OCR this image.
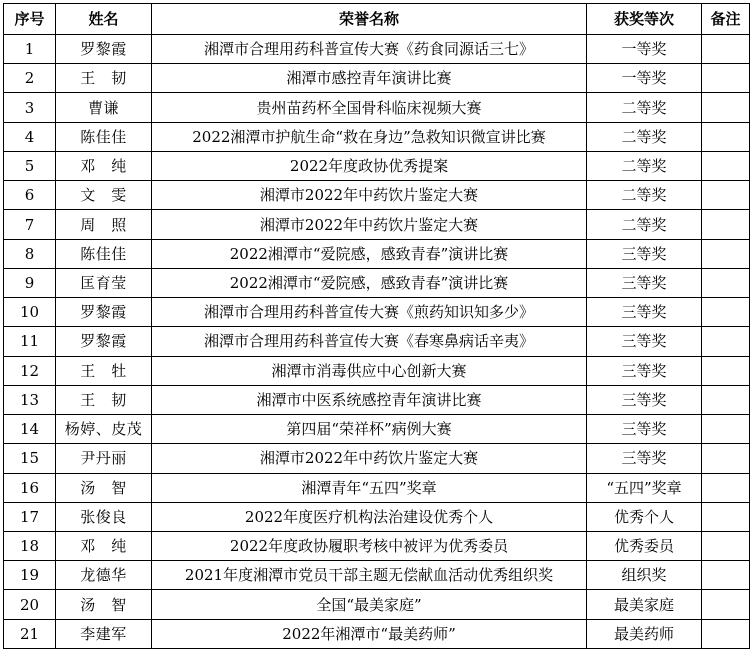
序号	姓名	荣誉名称	获奖等次	备注
1	罗黎霞	湘潭市合理用药科普宣传大赛《药食同源话三七》	一等奖	
2	王　韧	湘潭市感控青年演讲比赛	一等奖	
3	曹谦	贵州苗药杯全国骨科临床视频大赛	二等奖	
4	陈佳佳	2022湘潭市护航生命“救在身边”急救知识微宣讲比赛	二等奖	
5	邓　纯	2022年度政协优秀提案	二等奖	
6	文　雯	湘潭市2022年中药饮片鉴定大赛	二等奖	
7	周　照	湘潭市2022年中药饮片鉴定大赛	二等奖	
8	陈佳佳	2022湘潭市“爱院感，感致青春”演讲比赛	三等奖	
9	匡育莹	2022湘潭市“爱院感，感致青春”演讲比赛	三等奖	
10	罗黎霞	湘潭市合理用药科普宣传大赛《煎药知识知多少》	三等奖	
11	罗黎霞	湘潭市合理用药科普宣传大赛《春寒鼻病话辛夷》	三等奖	
12	王　牡	湘潭市消毒供应中心创新大赛	三等奖	
13	王　韧	湘潭市中医系统感控青年演讲比赛	三等奖	
14	杨婷、皮茂	第四届“荣祥杯”病例大赛	三等奖	
15	尹丹丽	湘潭市2022年中药饮片鉴定大赛	三等奖	
16	汤　智	湘潭青年“五四”奖章	“五四”奖章	
17	张俊良	2022年度医疗机构法治建设优秀个人	优秀个人	
18	邓　纯	2022年度政协履职考核中被评为优秀委员	优秀委员	
19	龙德华	2021年度湘潭市党员干部主题无偿献血活动优秀组织奖	组织奖	
20	汤　智	全国“最美家庭”	最美家庭	
21	李建军	2022年湘潭市“最美药师”	最美药师	
